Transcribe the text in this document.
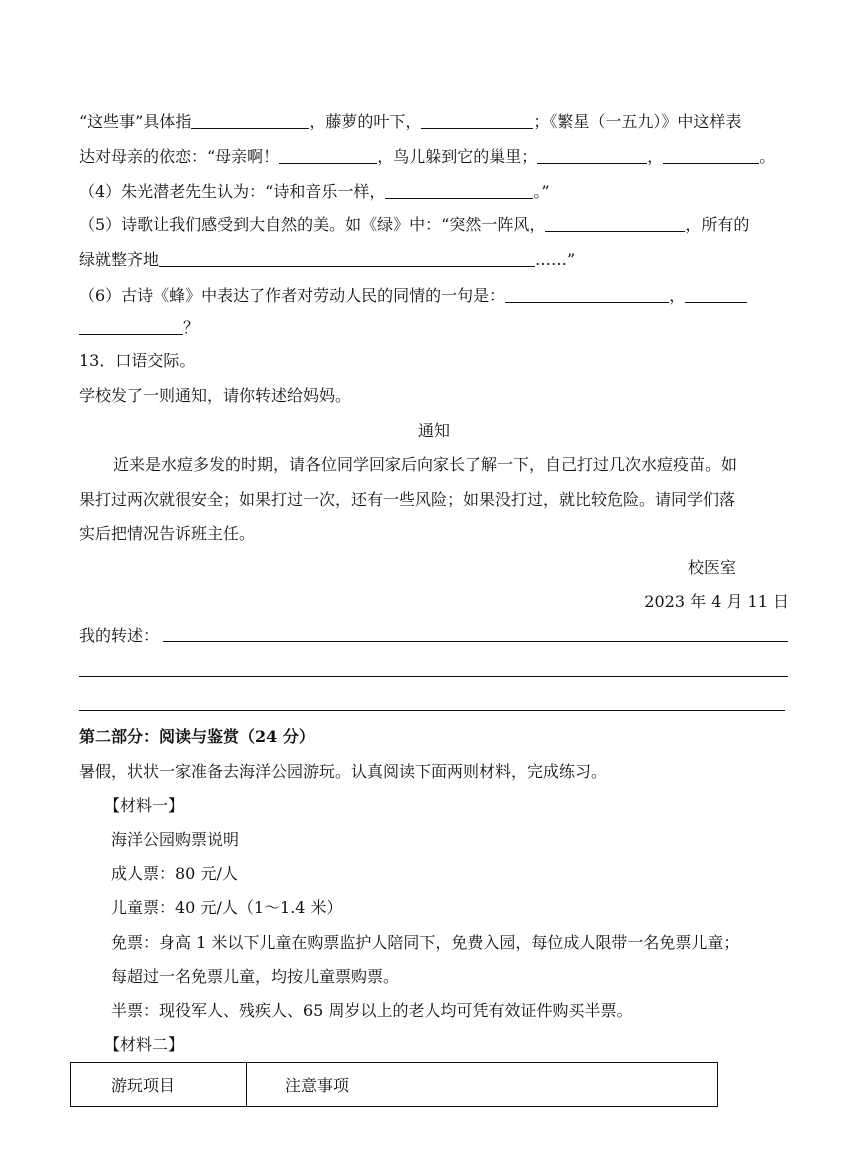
“这些事”具体指	，藤萝的叶下，	；《繁星（一五九）》中这样表
达对母亲的依恋：“母亲啊！	，鸟儿躲到它的巢里；	，	。
（4）朱光潜老先生认为：“诗和音乐一样，	。”
（5）诗歌让我们感受到大自然的美。如《绿》中：“突然一阵风，	，所有的
绿就整齐地	……”
（6）古诗《蜂》中表达了作者对劳动人民的同情的一句是：	，
？
13．口语交际。
学校发了一则通知，请你转述给妈妈。
通知
近来是水痘多发的时期，请各位同学回家后向家长了解一下，自己打过几次水痘疫苗。如
果打过两次就很安全；如果打过一次，还有一些风险；如果没打过，就比较危险。请同学们落
实后把情况告诉班主任。
校医室
2023 年 4 月 11 日
我的转述：
第二部分：阅读与鉴赏（24 分）
暑假，状状一家准备去海洋公园游玩。认真阅读下面两则材料，完成练习。
【材料一】
海洋公园购票说明
成人票：80 元/人
儿童票：40 元/人（1～1.4 米）
免票：身高 1 米以下儿童在购票监护人陪同下，免费入园，每位成人限带一名免票儿童；
每超过一名免票儿童，均按儿童票购票。
半票：现役军人、残疾人、65 周岁以上的老人均可凭有效证件购买半票。
【材料二】
游玩项目	注意事项
